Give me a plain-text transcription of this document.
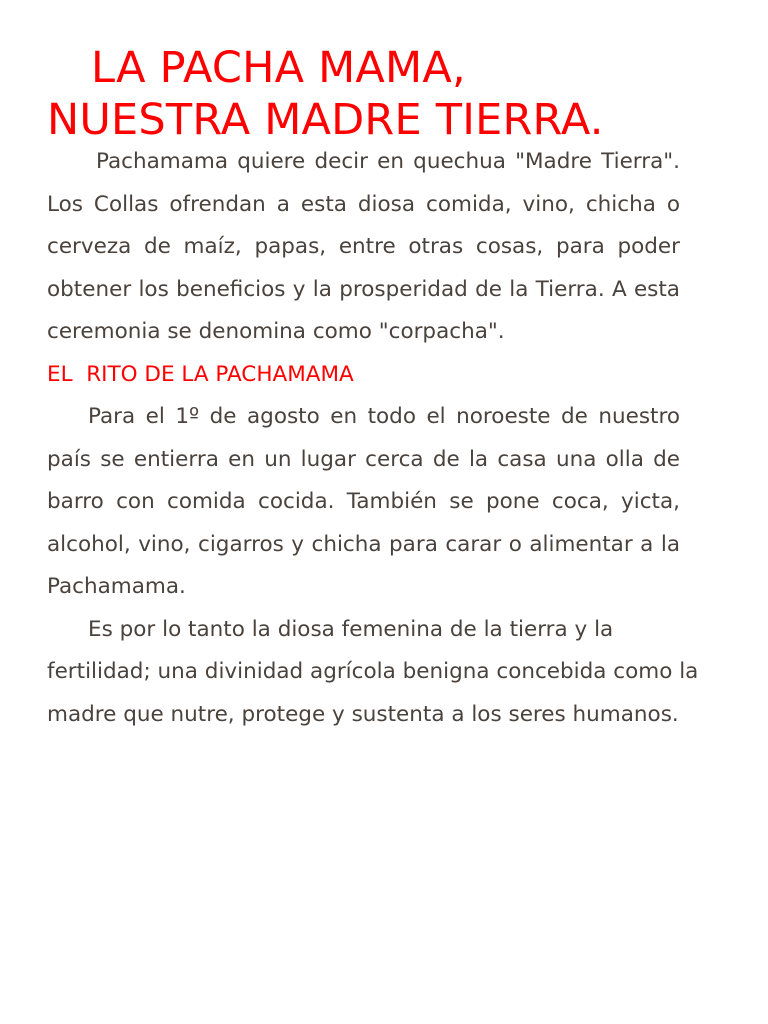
LA PACHA MAMA,
NUESTRA MADRE TIERRA.

Pachamama quiere decir en quechua "Madre Tierra". Los Collas ofrendan a esta diosa comida, vino, chicha o cerveza de maíz, papas, entre otras cosas, para poder obtener los beneficios y la prosperidad de la Tierra. A esta ceremonia se denomina como "corpacha".

EL  RITO DE LA PACHAMAMA

Para el 1º de agosto en todo el noroeste de nuestro país se entierra en un lugar cerca de la casa una olla de barro con comida cocida. También se pone coca, yicta, alcohol, vino, cigarros y chicha para carar o alimentar a la Pachamama.

Es por lo tanto la diosa femenina de la tierra y la fertilidad; una divinidad agrícola benigna concebida como la madre que nutre, protege y sustenta a los seres humanos.
